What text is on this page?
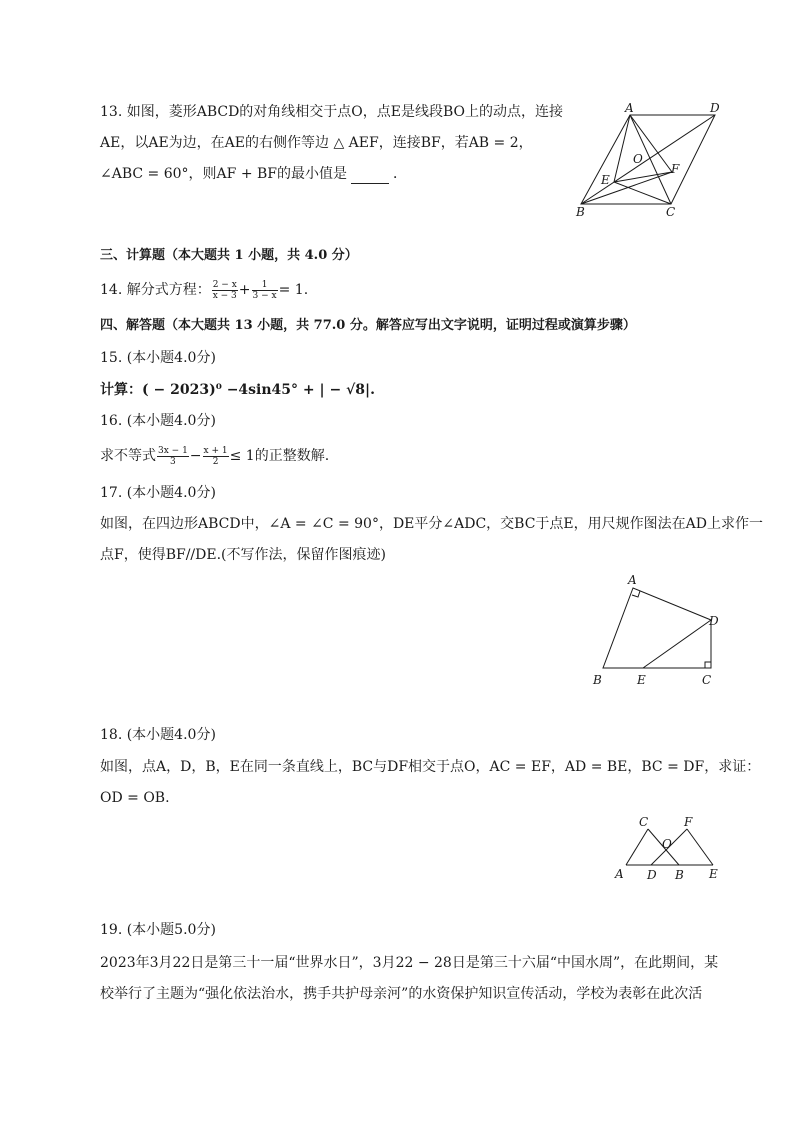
13. 如图，菱形ABCD的对角线相交于点O，点E是线段BO上的动点，连接
AE，以AE为边，在AE的右侧作等边 △ AEF，连接BF，若AB = 2，
∠ABC = 60°，则AF + BF的最小值是	．
A	D
O
E
F
B	C
三、计算题（本大题共 1 小题，共 4.0 分）
14. 解分式方程： $\frac{2 - x}{x - 3} + \frac{1}{3 - x} = 1$.
四、解答题（本大题共 13 小题，共 77.0 分。解答应写出文字说明，证明过程或演算步骤）
15. (本小题4.0分)
计算：( − 2023)⁰ −4sin45° + | − √8|.
16. (本小题4.0分)
求不等式 $\frac{3x - 1}{3} - \frac{x + 1}{2} \le 1$的正整数解.
17. (本小题4.0分)
如图，在四边形ABCD中，∠A = ∠C = 90°，DE平分∠ADC，交BC于点E，用尺规作图法在AD上求作一
点F，使得BF//DE.(不写作法，保留作图痕迹)
A
D
B	E	C
18. (本小题4.0分)
如图，点A，D，B，E在同一条直线上，BC与DF相交于点O，AC = EF，AD = BE，BC = DF，求证：
OD = OB.
C	F
O
A D B E
19. (本小题5.0分)
2023年3月22日是第三十一届“世界水日”，3月22 − 28日是第三十六届“中国水周”，在此期间，某
校举行了主题为“强化依法治水，携手共护母亲河”的水资保护知识宣传活动，学校为表彰在此次活
